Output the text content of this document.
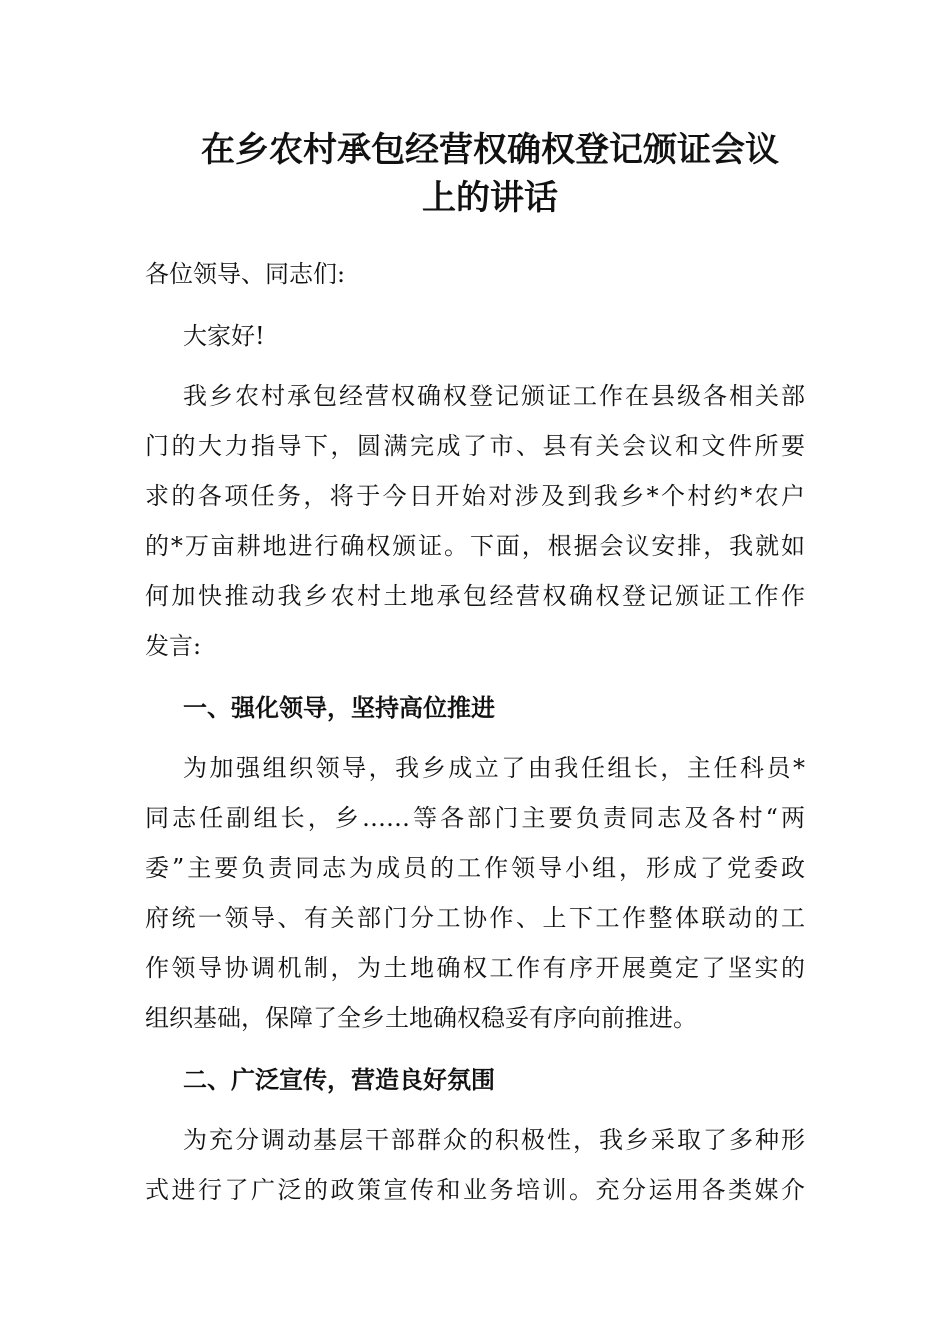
在乡农村承包经营权确权登记颁证会议
上的讲话
各位领导、同志们:
大家好!
我乡农村承包经营权确权登记颁证工作在县级各相关部
门的大力指导下，圆满完成了市、县有关会议和文件所要
求的各项任务，将于今日开始对涉及到我乡*个村约*农户
的*万亩耕地进行确权颁证。下面，根据会议安排，我就如
何加快推动我乡农村土地承包经营权确权登记颁证工作作
发言:
一、强化领导，坚持高位推进
为加强组织领导，我乡成立了由我任组长，主任科员*
同志任副组长，乡……等各部门主要负责同志及各村“两
委”主要负责同志为成员的工作领导小组，形成了党委政
府统一领导、有关部门分工协作、上下工作整体联动的工
作领导协调机制，为土地确权工作有序开展奠定了坚实的
组织基础，保障了全乡土地确权稳妥有序向前推进。
二、广泛宣传，营造良好氛围
为充分调动基层干部群众的积极性，我乡采取了多种形
式进行了广泛的政策宣传和业务培训。充分运用各类媒介
